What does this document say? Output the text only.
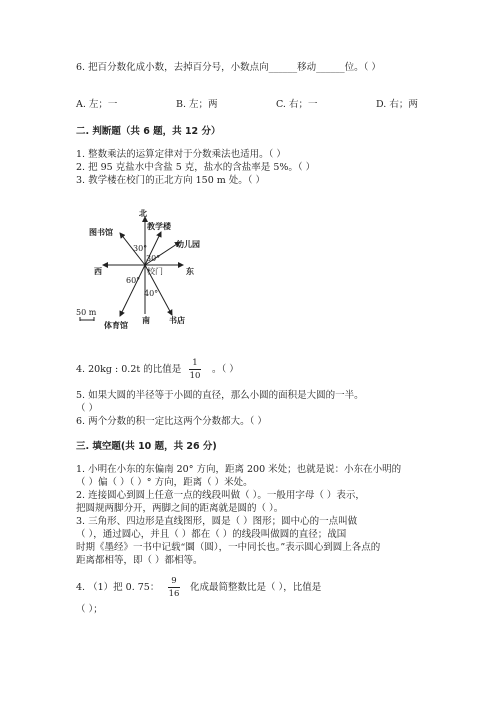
6. 把百分数化成小数，去掉百分号，小数点向______移动______位。（ ）
A. 左；一	B. 左；两	C. 右；一	D. 右；两
二. 判断题（共 6 题，共 12 分）
1. 整数乘法的运算定律对于分数乘法也适用。（ ）
2. 把 95 克盐水中含盐 5 克，盐水的含盐率是 5%。（ ）
3. 教学楼在校门的正北方向 150 m 处。（ ）
北
教学楼
图书馆
幼儿园
30°
30°
西	校门	东
60°
40°
50 m
南 书店
体育馆
4. 20kg : 0.2t 的比值是
1
10
。（ ）
5. 如果大圆的半径等于小圆的直径，那么小圆的面积是大圆的一半。
（ ）
6. 两个分数的积一定比这两个分数都大。（ ）
三. 填空题(共 10 题，共 26 分)
1. 小明在小东的东偏南 20° 方向，距离 200 米处；也就是说：小东在小明的
（ ）偏（ ）（ ）° 方向，距离（ ）米处。
2. 连接圆心到圆上任意一点的线段叫做（ ）。一般用字母（ ）表示，
把圆规两脚分开，两脚之间的距离就是圆的（ ）。
3. 三角形、四边形是直线图形，圆是（ ）图形；圆中心的一点叫做
（ ），通过圆心，并且（ ）都在（ ）的线段叫做圆的直径；战国
时期《墨经》一书中记载“圜（圆），一中同长也。”表示圆心到圆上各点的
距离都相等，即（ ）都相等。
4. （1）把 0. 75：
9
16
化成最简整数比是（ ），比值是
（ ）；
